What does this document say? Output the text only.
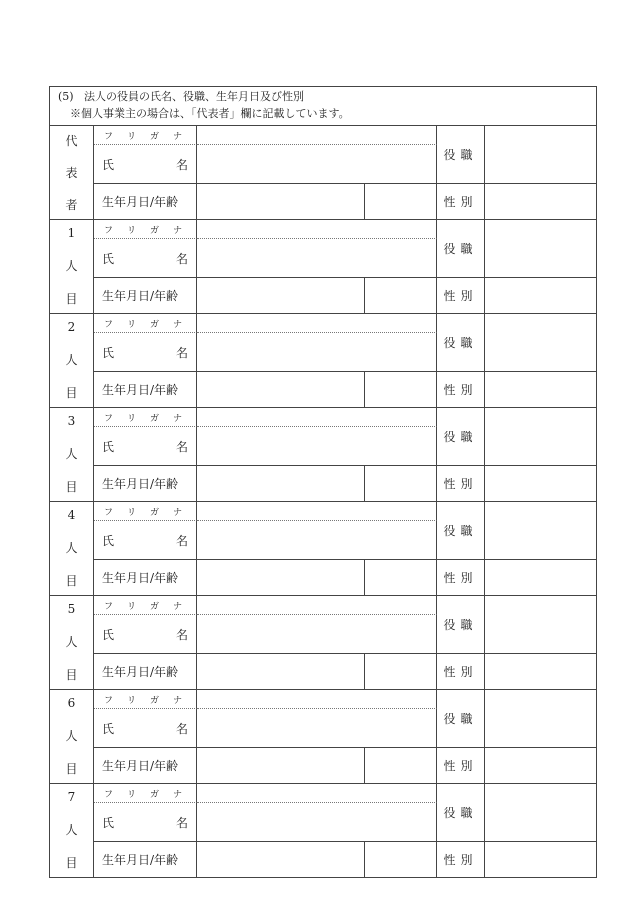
(5) 法人の役員の氏名、役職、生年月日及び性別
※個人事業主の場合は、「代表者」欄に記載しています。
代
表
者
フ リ ガ ナ
氏	名
役職
生年月日/年齢	性別
1
人
目
フ リ ガ ナ
氏	名
役職
生年月日/年齢	性別
2
人
目
フ リ ガ ナ
氏	名
役職
生年月日/年齢	性別
3
人
目
フ リ ガ ナ
氏	名
役職
生年月日/年齢	性別
4
人
目
フ リ ガ ナ
氏	名
役職
生年月日/年齢	性別
5
人
目
フ リ ガ ナ
氏	名
役職
生年月日/年齢	性別
6
人
目
フ リ ガ ナ
氏	名
役職
生年月日/年齢	性別
7
人
目
フ リ ガ ナ
氏	名
役職
生年月日/年齢	性別
